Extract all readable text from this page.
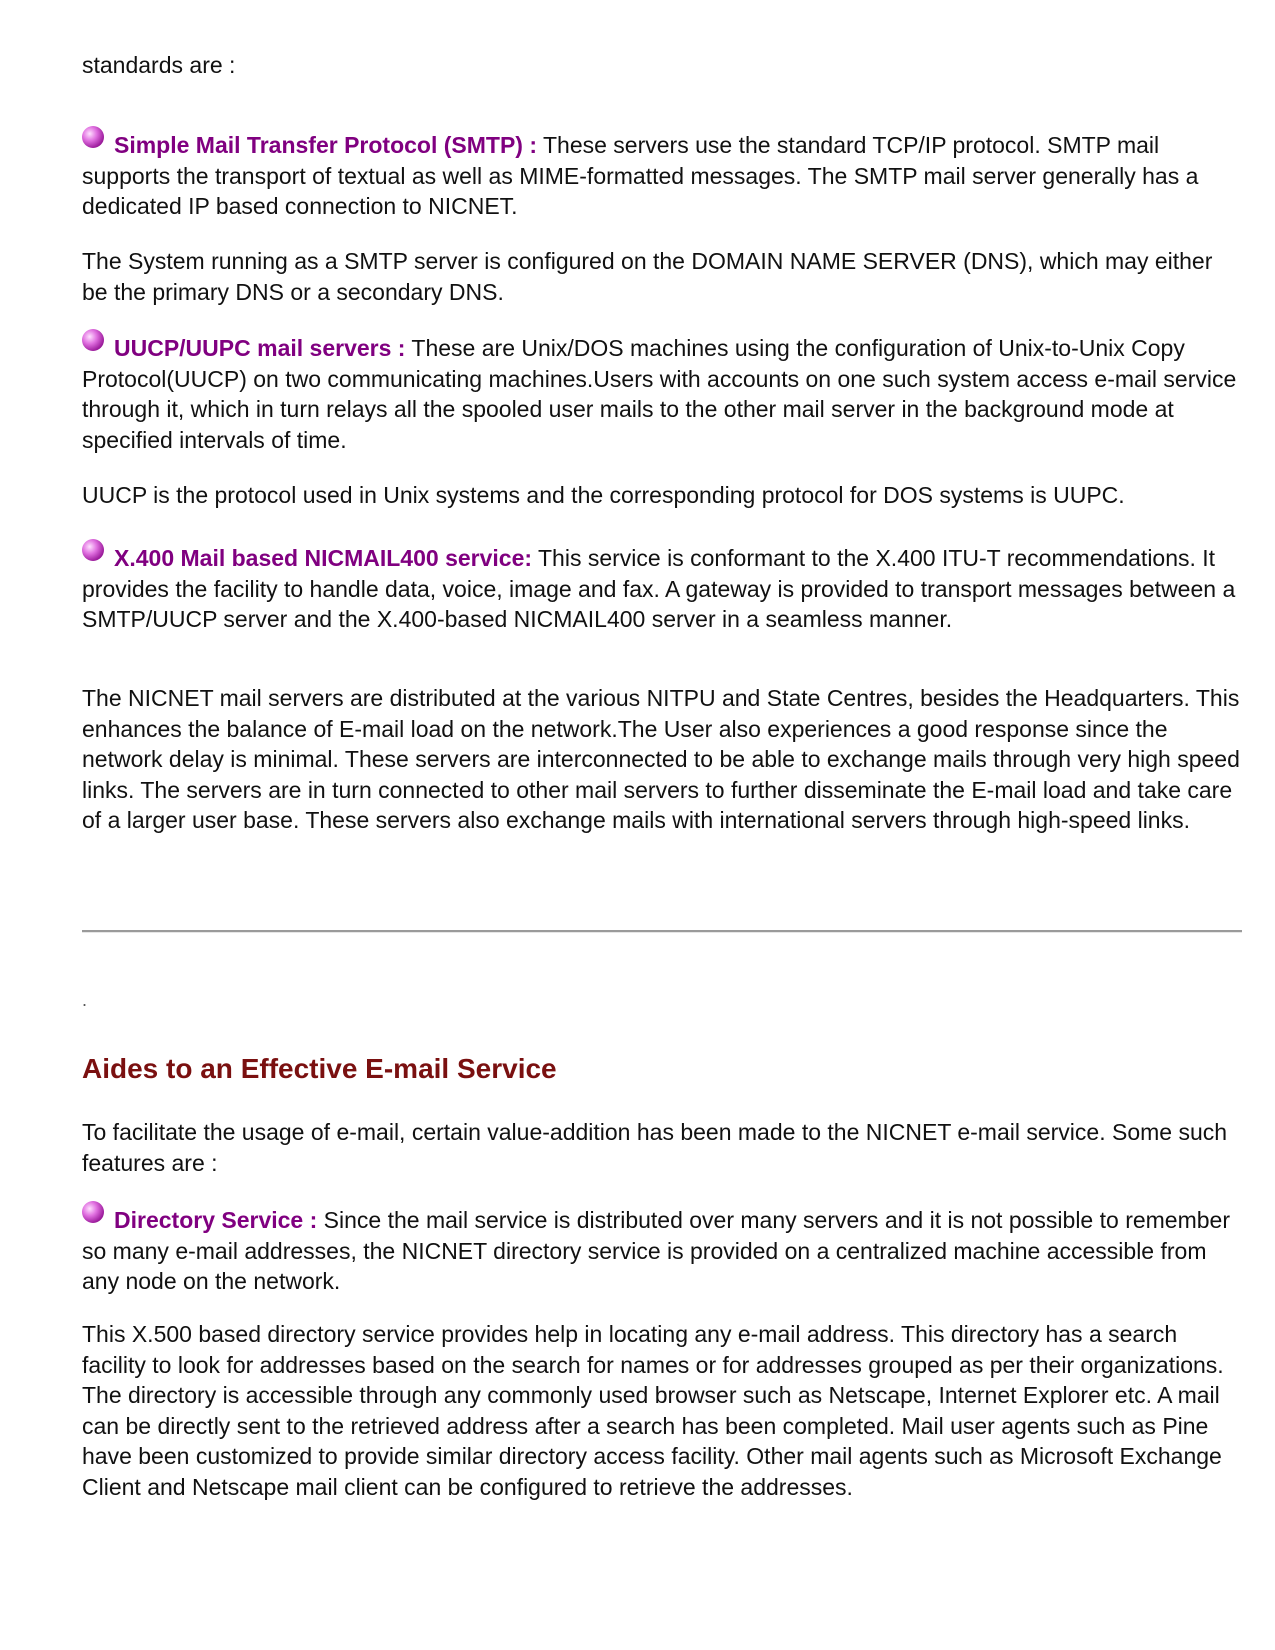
standards are :

Simple Mail Transfer Protocol (SMTP) : These servers use the standard TCP/IP protocol. SMTP mail supports the transport of textual as well as MIME-formatted messages. The SMTP mail server generally has a dedicated IP based connection to NICNET.

The System running as a SMTP server is configured on the DOMAIN NAME SERVER (DNS), which may either be the primary DNS or a secondary DNS.

UUCP/UUPC mail servers : These are Unix/DOS machines using the configuration of Unix-to-Unix Copy Protocol(UUCP) on two communicating machines.Users with accounts on one such system access e-mail service through it, which in turn relays all the spooled user mails to the other mail server in the background mode at specified intervals of time.

UUCP is the protocol used in Unix systems and the corresponding protocol for DOS systems is UUPC.

X.400 Mail based NICMAIL400 service: This service is conformant to the X.400 ITU-T recommendations. It provides the facility to handle data, voice, image and fax. A gateway is provided to transport messages between a SMTP/UUCP server and the X.400-based NICMAIL400 server in a seamless manner.

The NICNET mail servers are distributed at the various NITPU and State Centres, besides the Headquarters. This enhances the balance of E-mail load on the network.The User also experiences a good response since the network delay is minimal. These servers are interconnected to be able to exchange mails through very high speed links. The servers are in turn connected to other mail servers to further disseminate the E-mail load and take care of a larger user base. These servers also exchange mails with international servers through high-speed links.

.
Aides to an Effective E-mail Service

To facilitate the usage of e-mail, certain value-addition has been made to the NICNET e-mail service. Some such features are :

Directory Service : Since the mail service is distributed over many servers and it is not possible to remember so many e-mail addresses, the NICNET directory service is provided on a centralized machine accessible from any node on the network.

This X.500 based directory service provides help in locating any e-mail address. This directory has a search facility to look for addresses based on the search for names or for addresses grouped as per their organizations. The directory is accessible through any commonly used browser such as Netscape, Internet Explorer etc. A mail can be directly sent to the retrieved address after a search has been completed. Mail user agents such as Pine have been customized to provide similar directory access facility. Other mail agents such as Microsoft Exchange Client and Netscape mail client can be configured to retrieve the addresses.
